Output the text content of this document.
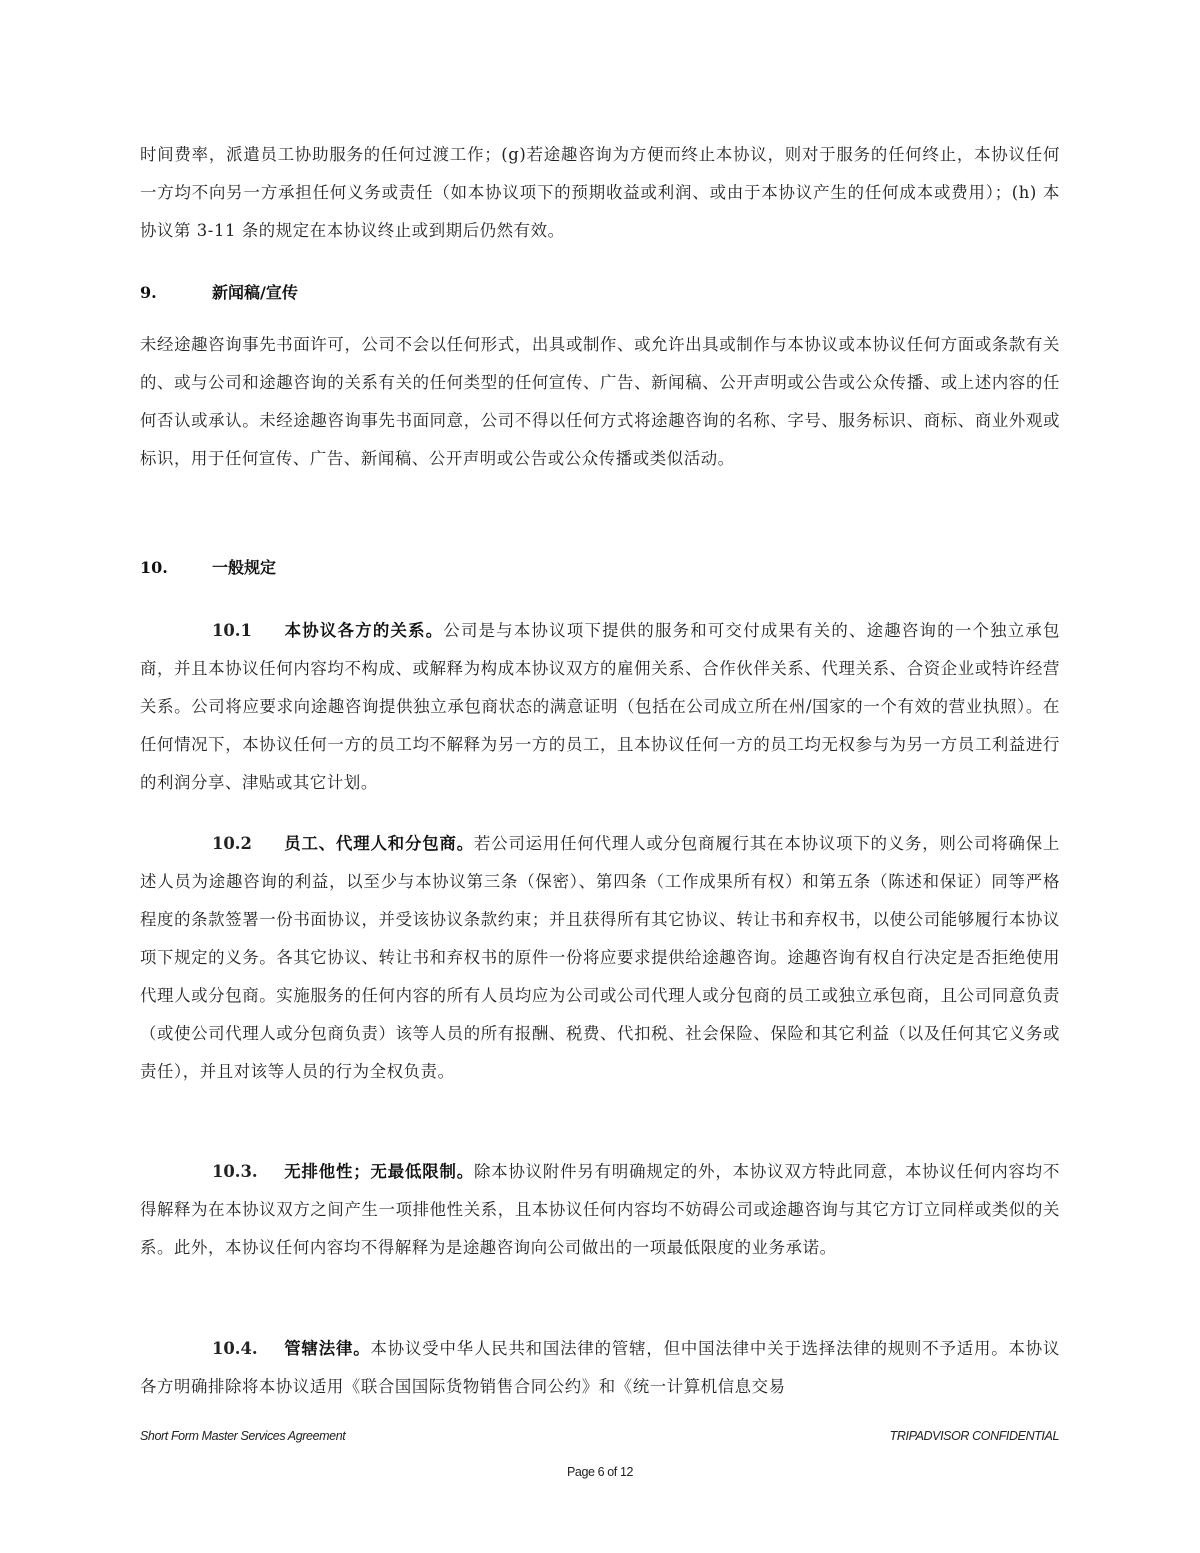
时间费率，派遣员工协助服务的任何过渡工作；(g)若途趣咨询为方便而终止本协议，则对于服务的任何终止，本协议任何一方均不向另一方承担任何义务或责任（如本协议项下的预期收益或利润、或由于本协议产生的任何成本或费用）；(h) 本协议第 3-11 条的规定在本协议终止或到期后仍然有效。
9.	新闻稿/宣传
未经途趣咨询事先书面许可，公司不会以任何形式，出具或制作、或允许出具或制作与本协议或本协议任何方面或条款有关的、或与公司和途趣咨询的关系有关的任何类型的任何宣传、广告、新闻稿、公开声明或公告或公众传播、或上述内容的任何否认或承认。未经途趣咨询事先书面同意，公司不得以任何方式将途趣咨询的名称、字号、服务标识、商标、商业外观或标识，用于任何宣传、广告、新闻稿、公开声明或公告或公众传播或类似活动。
10.	一般规定
10.1 本协议各方的关系。公司是与本协议项下提供的服务和可交付成果有关的、途趣咨询的一个独立承包商，并且本协议任何内容均不构成、或解释为构成本协议双方的雇佣关系、合作伙伴关系、代理关系、合资企业或特许经营关系。公司将应要求向途趣咨询提供独立承包商状态的满意证明（包括在公司成立所在州/国家的一个有效的营业执照）。在任何情况下，本协议任何一方的员工均不解释为另一方的员工，且本协议任何一方的员工均无权参与为另一方员工利益进行的利润分享、津贴或其它计划。
10.2 员工、代理人和分包商。若公司运用任何代理人或分包商履行其在本协议项下的义务，则公司将确保上述人员为途趣咨询的利益，以至少与本协议第三条（保密）、第四条（工作成果所有权）和第五条（陈述和保证）同等严格程度的条款签署一份书面协议，并受该协议条款约束；并且获得所有其它协议、转让书和弃权书，以使公司能够履行本协议项下规定的义务。各其它协议、转让书和弃权书的原件一份将应要求提供给途趣咨询。途趣咨询有权自行决定是否拒绝使用代理人或分包商。实施服务的任何内容的所有人员均应为公司或公司代理人或分包商的员工或独立承包商，且公司同意负责（或使公司代理人或分包商负责）该等人员的所有报酬、税费、代扣税、社会保险、保险和其它利益（以及任何其它义务或责任），并且对该等人员的行为全权负责。
10.3. 无排他性；无最低限制。除本协议附件另有明确规定的外，本协议双方特此同意，本协议任何内容均不得解释为在本协议双方之间产生一项排他性关系，且本协议任何内容均不妨碍公司或途趣咨询与其它方订立同样或类似的关系。此外，本协议任何内容均不得解释为是途趣咨询向公司做出的一项最低限度的业务承诺。
10.4. 管辖法律。本协议受中华人民共和国法律的管辖，但中国法律中关于选择法律的规则不予适用。本协议各方明确排除将本协议适用《联合国国际货物销售合同公约》和《统一计算机信息交易
Short Form Master Services Agreement	TRIPADVISOR CONFIDENTIAL
Page 6 of 12
